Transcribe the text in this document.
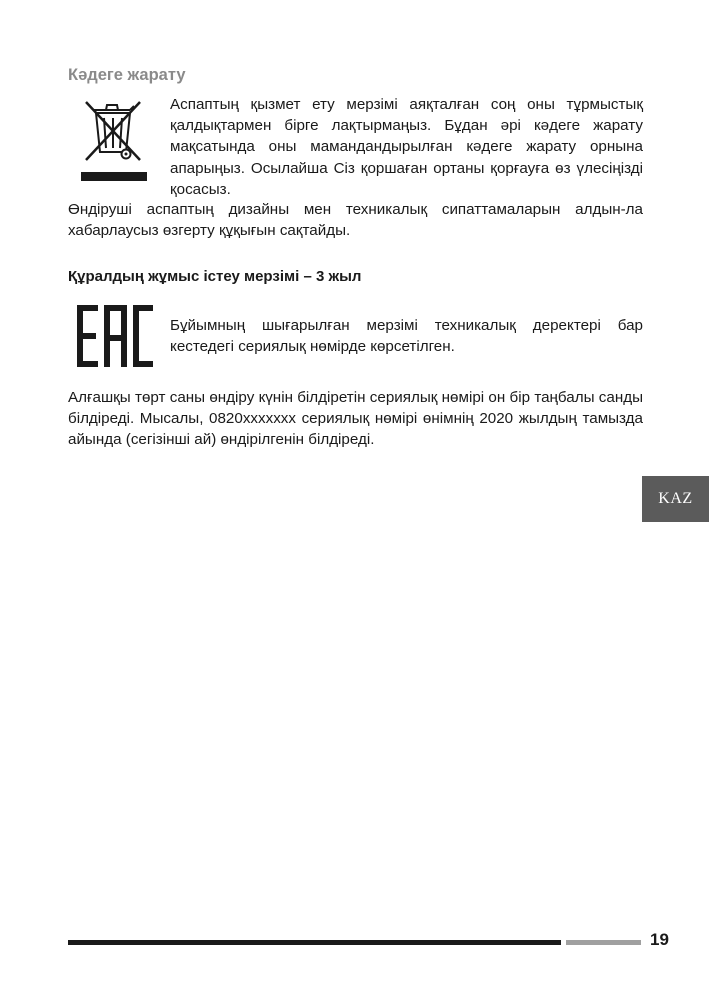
Кәдеге жарату

Аспаптың қызмет ету мерзімі аяқталған соң оны тұрмыстық қалдықтармен бірге лақтырмаңыз. Бұдан әрі кәдеге жарату мақсатында оны мамандандырылған кәдеге жарату орнына апарыңыз. Осылайша Сіз қоршаған ортаны қорғауға өз үлесіңізді қосасыз.

Өндіруші аспаптың дизайны мен техникалық сипаттамаларын алдын-ла хабарлаусыз өзгерту құқығын сақтайды.

Құралдың жұмыс істеу мерзімі – 3 жыл

Бұйымның шығарылған мерзімі техникалық деректері бар кестедегі сериялық нөмірде көрсетілген.

Алғашқы төрт саны өндіру күнін білдіретін сериялық нөмірі он бір таңбалы санды білдіреді. Мысалы, 0820ххххххх сериялық нөмірі өнімнің 2020 жылдың тамызда айында (сегізінші ай) өндірілгенін білдіреді.

KAZ
19
